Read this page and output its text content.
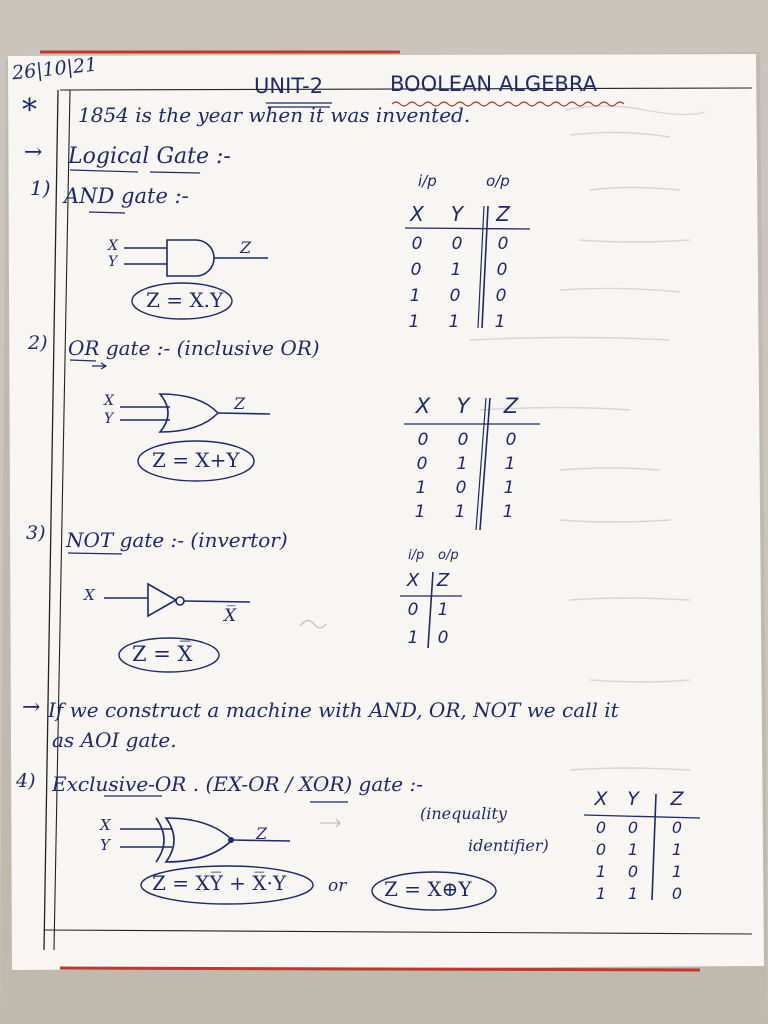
26|10|21
UNIT-2	BOOLEAN ALGEBRA
* 1854 is the year when it was invented.
→ Logical Gate :-
1) AND gate :-
X
Y
Z
Z = X.Y
i/p	o/p
X Y Z
0	0	0
0	1	0
1	0	0
1	1	1
2) OR gate :- (inclusive OR)
X
Y
Z
Z = X+Y
X Y Z
0	0	0
0	1	1
1	0	1
1	1	1
3) NOT gate :- (invertor)
X
X̅
Z = X̅
i/p o/p
X Z
0	1
1	0
→ If we construct a machine with AND, OR, NOT we call it
as AOI gate.
4) Exclusive-OR . (EX-OR / XOR) gate :-
(inequality
identifier)
X
Y
Z
Z = XY̅ + X̅·Y or Z = X⊕Y
X Y Z
0	0	0
0	1	1
1	0	1
1	1	0
